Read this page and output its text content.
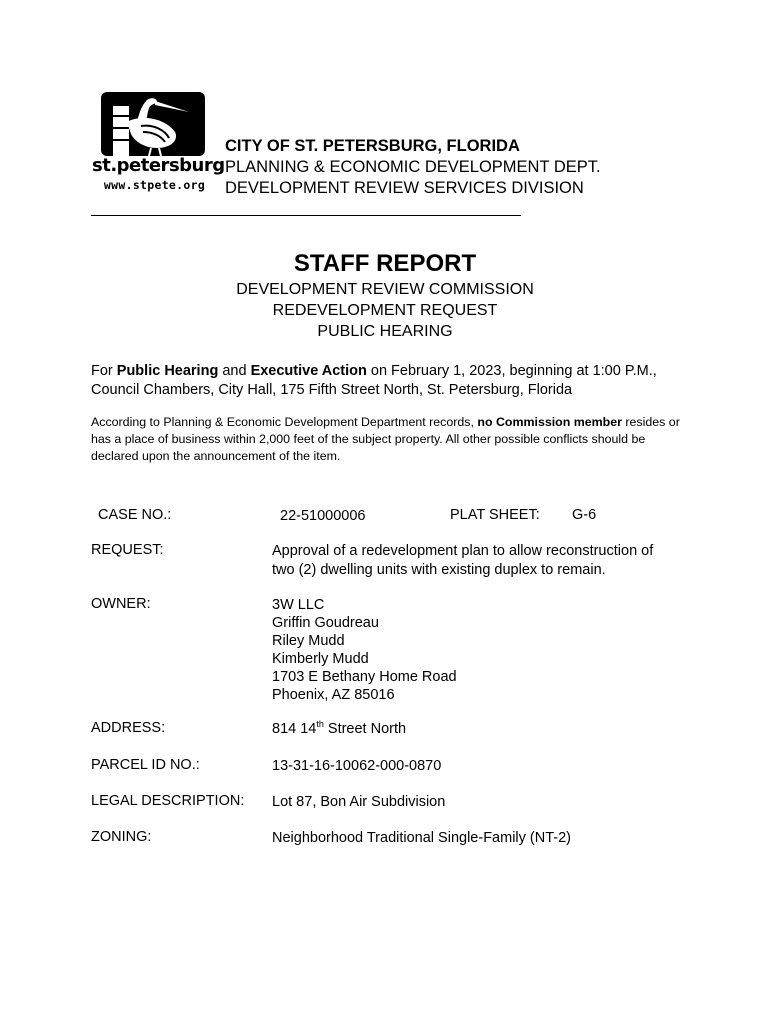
st.petersburg
www.stpete.org
CITY OF ST. PETERSBURG, FLORIDA
PLANNING & ECONOMIC DEVELOPMENT DEPT.
DEVELOPMENT REVIEW SERVICES DIVISION
STAFF REPORT
DEVELOPMENT REVIEW COMMISSION
REDEVELOPMENT REQUEST
PUBLIC HEARING
For Public Hearing and Executive Action on February 1, 2023, beginning at 1:00 P.M., Council Chambers, City Hall, 175 Fifth Street North, St. Petersburg, Florida
According to Planning & Economic Development Department records, no Commission member resides or has a place of business within 2,000 feet of the subject property. All other possible conflicts should be declared upon the announcement of the item.
CASE NO.:	22-51000006	PLAT SHEET: G-6
REQUEST:	Approval of a redevelopment plan to allow reconstruction of
two (2) dwelling units with existing duplex to remain.
OWNER:	3W LLC
Griffin Goudreau
Riley Mudd
Kimberly Mudd
1703 E Bethany Home Road
Phoenix, AZ 85016
ADDRESS:	814 14th Street North
PARCEL ID NO.:	13-31-16-10062-000-0870
LEGAL DESCRIPTION: Lot 87, Bon Air Subdivision
ZONING:	Neighborhood Traditional Single-Family (NT-2)
